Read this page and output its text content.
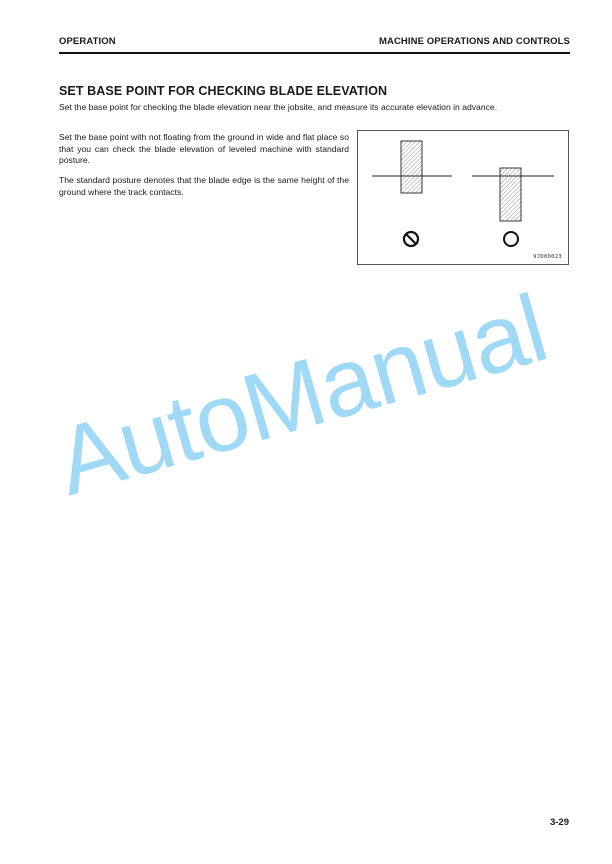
OPERATION	MACHINE OPERATIONS AND CONTROLS
SET BASE POINT FOR CHECKING BLADE ELEVATION
Set the base point for checking the blade elevation near the jobsite, and measure its accurate elevation in advance.
Set the base point with not floating from the ground in wide and flat place so that you can check the blade elevation of leveled machine with standard posture.
The standard posture denotes that the blade edge is the same height of the ground where the track contacts.
9JD00023
AutoManual
3-29
